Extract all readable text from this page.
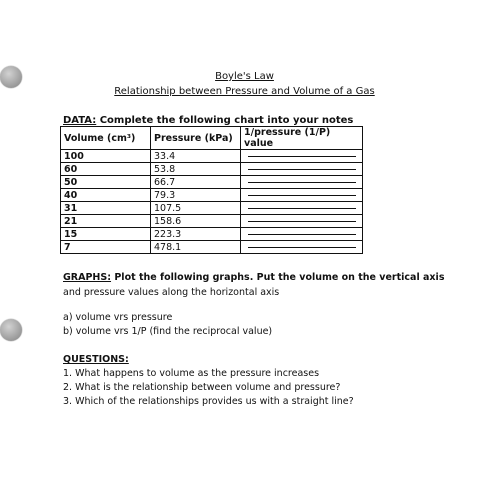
Boyle's Law
Relationship between Pressure and Volume of a Gas
DATA: Complete the following chart into your notes
Volume (cm³)	Pressure (kPa)	1/pressure (1/P) value
100	33.4	

60	53.8	

50	66.7	

40	79.3	

31	107.5	

21	158.6	

15	223.3	

7	478.1	
GRAPHS: Plot the following graphs. Put the volume on the vertical axis
and pressure values along the horizontal axis
a) volume vrs pressure
b) volume vrs 1/P (find the reciprocal value)
QUESTIONS:
1. What happens to volume as the pressure increases
2. What is the relationship between volume and pressure?
3. Which of the relationships provides us with a straight line?
